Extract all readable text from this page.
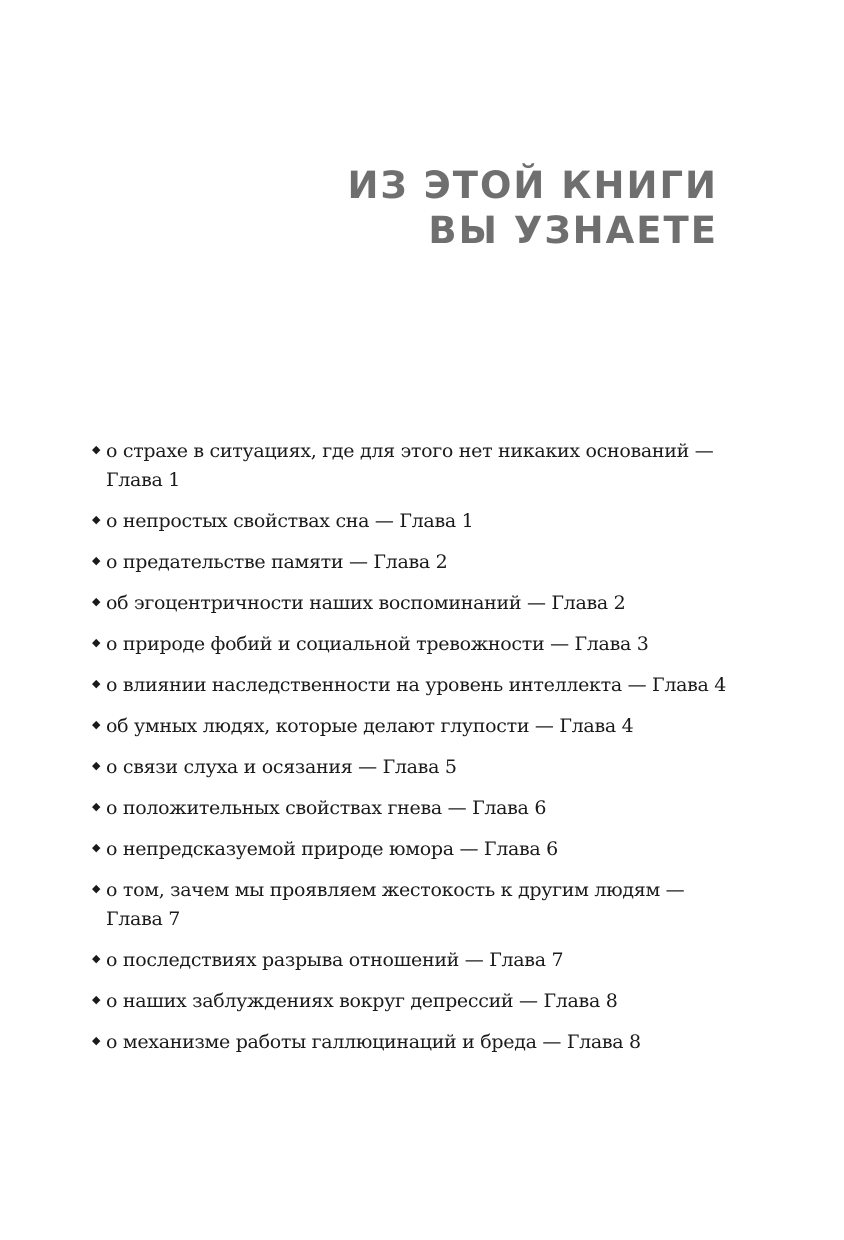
ИЗ ЭТОЙ КНИГИ
ВЫ УЗНАЕТЕ
◆ о страхе в ситуациях, где для этого нет никаких оснований — Глава 1
◆ о непростых свойствах сна — Глава 1
◆ о предательстве памяти — Глава 2
◆ об эгоцентричности наших воспоминаний — Глава 2
◆ о природе фобий и социальной тревожности — Глава 3
◆ о влиянии наследственности на уровень интеллекта — Глава 4
◆ об умных людях, которые делают глупости — Глава 4
◆ о связи слуха и осязания — Глава 5
◆ о положительных свойствах гнева — Глава 6
◆ о непредсказуемой природе юмора — Глава 6
◆ о том, зачем мы проявляем жестокость к другим людям — Глава 7
◆ о последствиях разрыва отношений — Глава 7
◆ о наших заблуждениях вокруг депрессий — Глава 8
◆ о механизме работы галлюцинаций и бреда — Глава 8
